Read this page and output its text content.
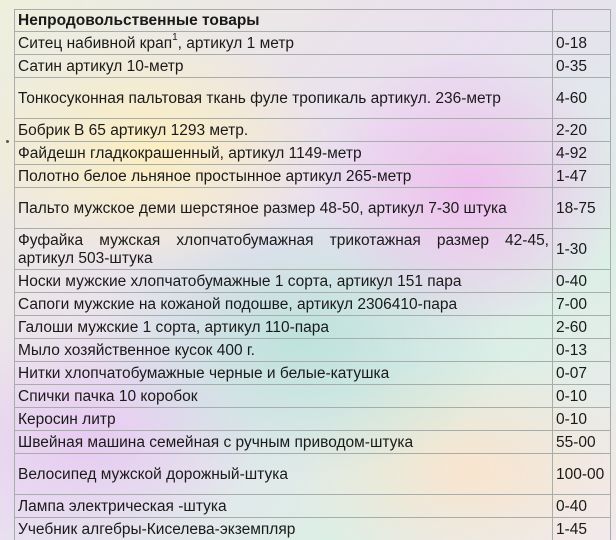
Непродовольственные товары	
Ситец набивной крап$^1$, артикул 1 метр	0-18
Сатин артикул 10-метр	0-35
Тонкосуконная пальтовая ткань фуле тропикаль артикул. 236-метр	4-60
Бобрик В 65 артикул 1293 метр.	2-20
Файдешн гладкокрашенный, артикул 1149-метр	4-92
Полотно белое льняное простынное артикул 265-метр	1-47
Пальто мужское деми шерстяное размер 48-50, артикул 7-30 штука	18-75
Фуфайка мужская хлопчатобумажная трикотажная размер 42-45, артикул 503-штука	1-30
Носки мужские хлопчатобумажные 1 сорта, артикул 151 пара	0-40
Сапоги мужские на кожаной подошве, артикул 2306410-пара	7-00
Галоши мужские 1 сорта, артикул 110-пара	2-60
Мыло хозяйственное кусок 400 г.	0-13
Нитки хлопчатобумажные черные и белые-катушка	0-07
Спички пачка 10 коробок	0-10
Керосин литр	0-10
Швейная машина семейная с ручным приводом-штука	55-00
Велосипед мужской дорожный-штука	100-00
Лампа электрическая -штука	0-40
Учебник алгебры-Киселева-экземпляр	1-45
